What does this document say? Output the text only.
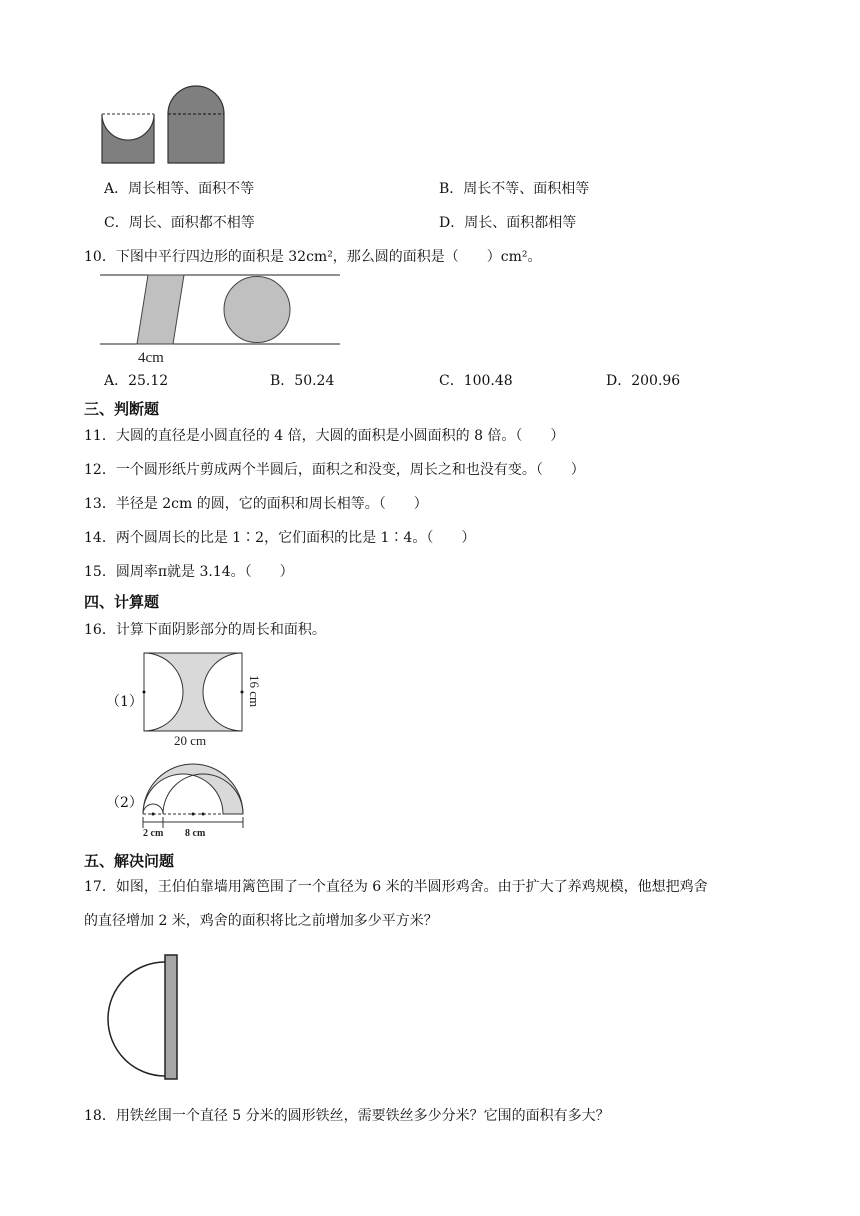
A．周长相等、面积不等	B．周长不等、面积相等
C．周长、面积都不相等	D．周长、面积都相等
10．下图中平行四边形的面积是 32cm²，那么圆的面积是（　　）cm²。
4cm
A．25.12	B．50.24	C．100.48	D．200.96
三、判断题
11．大圆的直径是小圆直径的 4 倍，大圆的面积是小圆面积的 8 倍。（　　）
12．一个圆形纸片剪成两个半圆后，面积之和没变，周长之和也没有变。（　　）
13．半径是 2cm 的圆，它的面积和周长相等。（　　）
14．两个圆周长的比是 1∶2，它们面积的比是 1∶4。（　　）
15．圆周率π就是 3.14。（　　）
四、计算题
16．计算下面阴影部分的周长和面积。
（1）
20 cm
16 cm
（2）
2 cm 8 cm
五、解决问题
17．如图，王伯伯靠墙用篱笆围了一个直径为 6 米的半圆形鸡舍。由于扩大了养鸡规模，他想把鸡舍
的直径增加 2 米，鸡舍的面积将比之前增加多少平方米？
18．用铁丝围一个直径 5 分米的圆形铁丝，需要铁丝多少分米？它围的面积有多大？
